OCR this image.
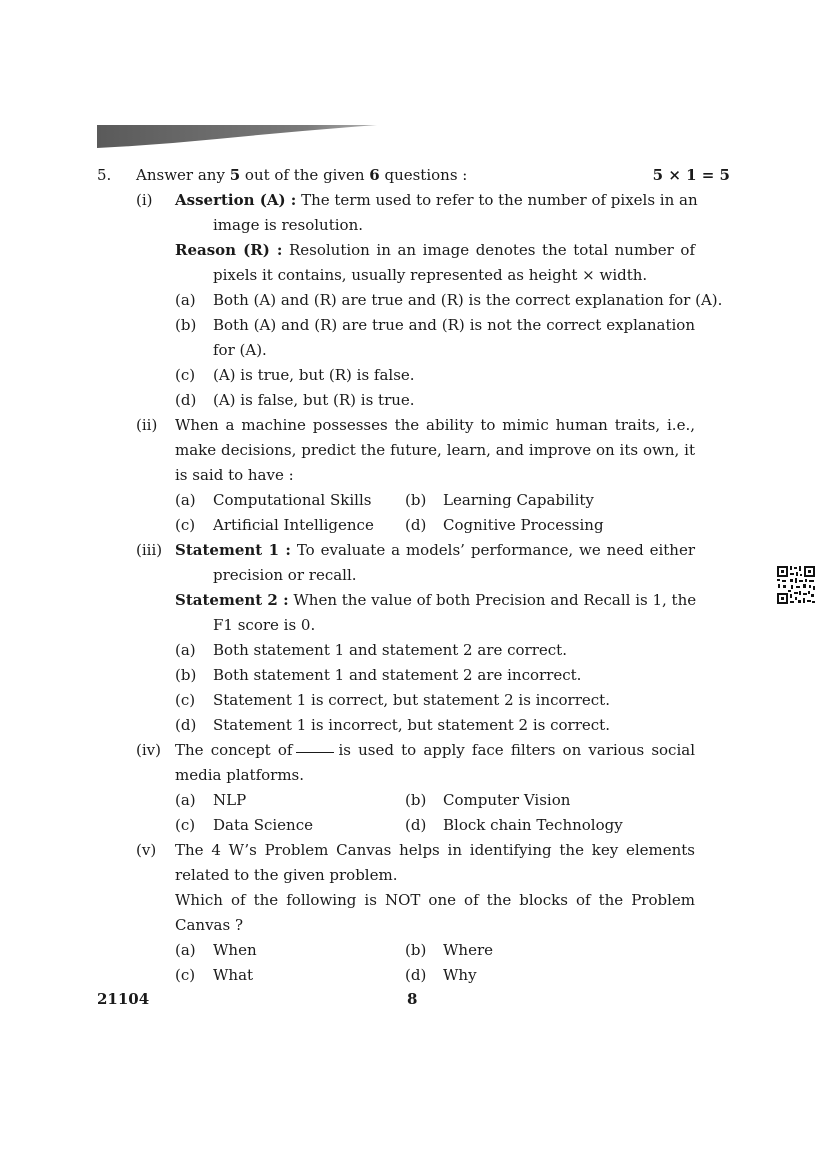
5. Answer any 5 out of the given 6 questions :	5 × 1 = 5
(i) Assertion (A) : The term used to refer to the number of pixels in an
image is resolution.
Reason (R) : Resolution in an image denotes the total number of
pixels it contains, usually represented as height × width.
(a) Both (A) and (R) are true and (R) is the correct explanation for (A).
(b) Both (A) and (R) are true and (R) is not the correct explanation
for (A).
(c) (A) is true, but (R) is false.
(d) (A) is false, but (R) is true.
(ii) When a machine possesses the ability to mimic human traits, i.e.,
make decisions, predict the future, learn, and improve on its own, it
is said to have :
(a) Computational Skills (b) Learning Capability
(c) Artificial Intelligence (d) Cognitive Processing
(iii) Statement 1 : To evaluate a models’ performance, we need either
precision or recall.
Statement 2 : When the value of both Precision and Recall is 1, the
F1 score is 0.
(a) Both statement 1 and statement 2 are correct.
(b) Both statement 1 and statement 2 are incorrect.
(c) Statement 1 is correct, but statement 2 is incorrect.
(d) Statement 1 is incorrect, but statement 2 is correct.
(iv) The concept of	is used to apply face filters on various social
media platforms.
(a) NLP	(b) Computer Vision
(c) Data Science	(d) Block chain Technology
(v) The 4 W’s Problem Canvas helps in identifying the key elements
related to the given problem.
Which of the following is NOT one of the blocks of the Problem
Canvas ?
(a) When	(b) Where
(c) What	(d) Why
21104	8
